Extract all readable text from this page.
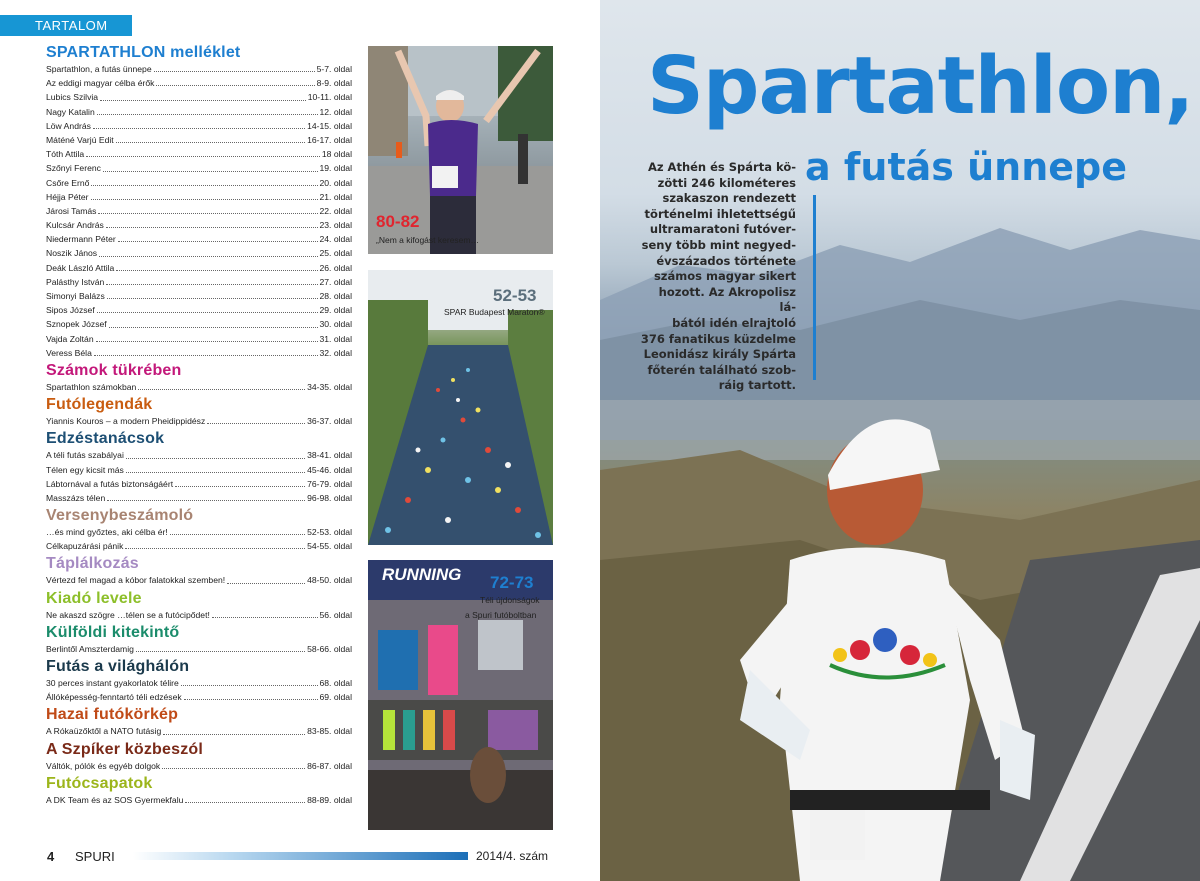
TARTALOM
SPARTATHLON melléklet
Spartathlon, a futás ünnepe	5-7. oldal
Az eddigi magyar célba érők	8-9. oldal
Lubics Szilvia	10-11. oldal
Nagy Katalin	12. oldal
Löw András	14-15. oldal
Máténé Varjú Edit	16-17. oldal
Tóth Attila	18 oldal
Szőnyi Ferenc	19. oldal
Csőre Ernő	20. oldal
Héjja Péter	21. oldal
Járosi Tamás	22. oldal
Kulcsár András	23. oldal
Niedermann Péter	24. oldal
Noszik János	25. oldal
Deák László Attila	26. oldal
Palásthy István	27. oldal
Simonyi Balázs	28. oldal
Sipos József	29. oldal
Sznopek József	30. oldal
Vajda Zoltán	31. oldal
Veress Béla	32. oldal
Számok tükrében
Spartathlon számokban	34-35. oldal
Futólegendák
Yiannis Kouros – a modern Pheidippidész	36-37. oldal
Edzéstanácsok
A téli futás szabályai	38-41. oldal
Télen egy kicsit más	45-46. oldal
Lábtornával a futás biztonságáért	76-79. oldal
Masszázs télen	96-98. oldal
Versenybeszámoló
…és mind győztes, aki célba ér!	52-53. oldal
Célkapuzárási pánik	54-55. oldal
Táplálkozás
Vértezd fel magad a kóbor falatokkal szemben!	48-50. oldal
Kiadó levele
Ne akaszd szögre …télen se a futócipődet!	56. oldal
Külföldi kitekintő
Berlintől Amszterdamig	58-66. oldal
Futás a világhálón
30 perces instant gyakorlatok télire	68. oldal
Állóképesség-fenntartó téli edzések	69. oldal
Hazai futókörkép
A Rókaüzőktől a NATO futásig	83-85. oldal
A Szpíker közbeszól
Váltók, pólók és egyéb dolgok	86-87. oldal
Futócsapatok
A DK Team és az SOS Gyermekfalu	88-89. oldal
80-82
„Nem a kifogást keresem…
52-53
SPAR Budapest Maraton®
RUNNING 72-73
Téli újdonságok
a Spuri futóboltban
4 SPURI	2014/4. szám
Spartathlon,
a futás ünnepe
Az Athén és Spárta kö-
zötti 246 kilométeres
szakaszon rendezett
történelmi ihletettségű
ultramaratoni futóver-
seny több mint negyed-
évszázados története
számos magyar sikert
hozott. Az Akropolisz lá-
bától idén elrajtoló
376 fanatikus küzdelme
Leonidász király Spárta
főterén található szob-
ráig tartott.
